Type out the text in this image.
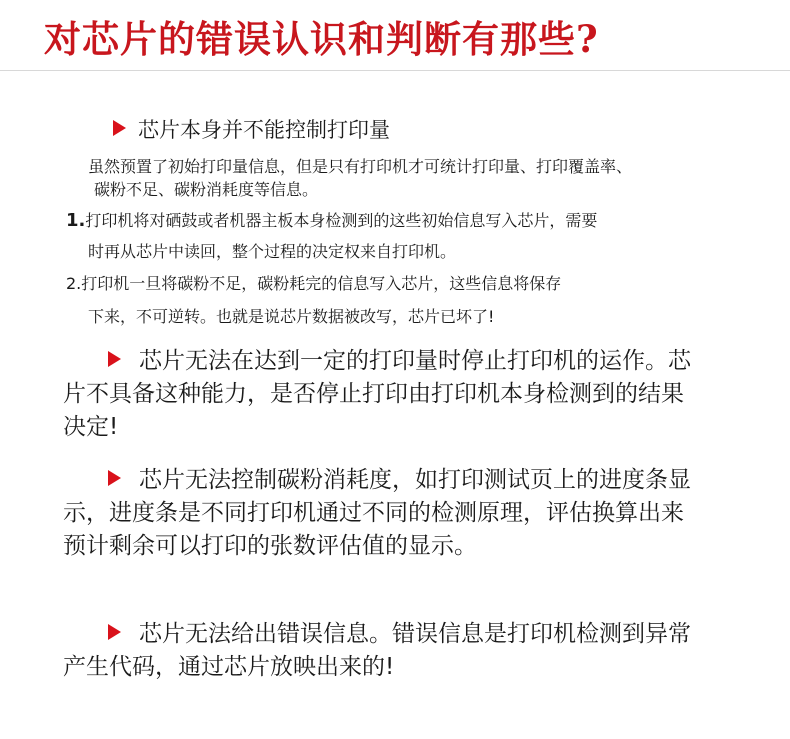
对芯片的错误认识和判断有那些?
芯片本身并不能控制打印量
虽然预置了初始打印量信息，但是只有打印机才可统计打印量、打印覆盖率、
碳粉不足、碳粉消耗度等信息。
1.打印机将对硒鼓或者机器主板本身检测到的这些初始信息写入芯片，需要
时再从芯片中读回，整个过程的决定权来自打印机。
2.打印机一旦将碳粉不足，碳粉耗完的信息写入芯片，这些信息将保存
下来，不可逆转。也就是说芯片数据被改写，芯片已坏了!

芯片无法在达到一定的打印量时停止打印机的运作。芯片不具备这种能力，是否停止打印由打印机本身检测到的结果决定!

芯片无法控制碳粉消耗度，如打印测试页上的进度条显示，进度条是不同打印机通过不同的检测原理，评估换算出来预计剩余可以打印的张数评估值的显示。

芯片无法给出错误信息。错误信息是打印机检测到异常产生代码，通过芯片放映出来的!
